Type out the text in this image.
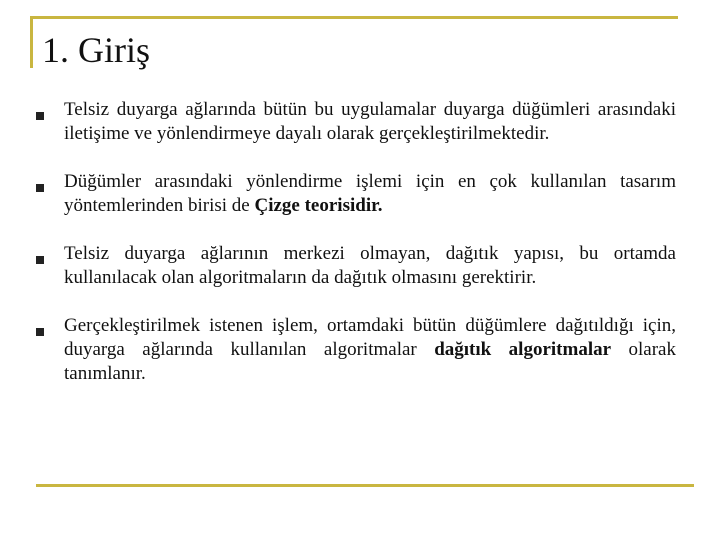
1. Giriş
Telsiz duyarga ağlarında bütün bu uygulamalar duyarga düğümleri arasındaki iletişime ve yönlendirmeye dayalı olarak gerçekleştirilmektedir.
Düğümler arasındaki yönlendirme işlemi için en çok kullanılan tasarım yöntemlerinden birisi de Çizge teorisidir.
Telsiz duyarga ağlarının merkezi olmayan, dağıtık yapısı, bu ortamda kullanılacak olan algoritmaların da dağıtık olmasını gerektirir.
Gerçekleştirilmek istenen işlem, ortamdaki bütün düğümlere dağıtıldığı için, duyarga ağlarında kullanılan algoritmalar dağıtık algoritmalar olarak tanımlanır.
